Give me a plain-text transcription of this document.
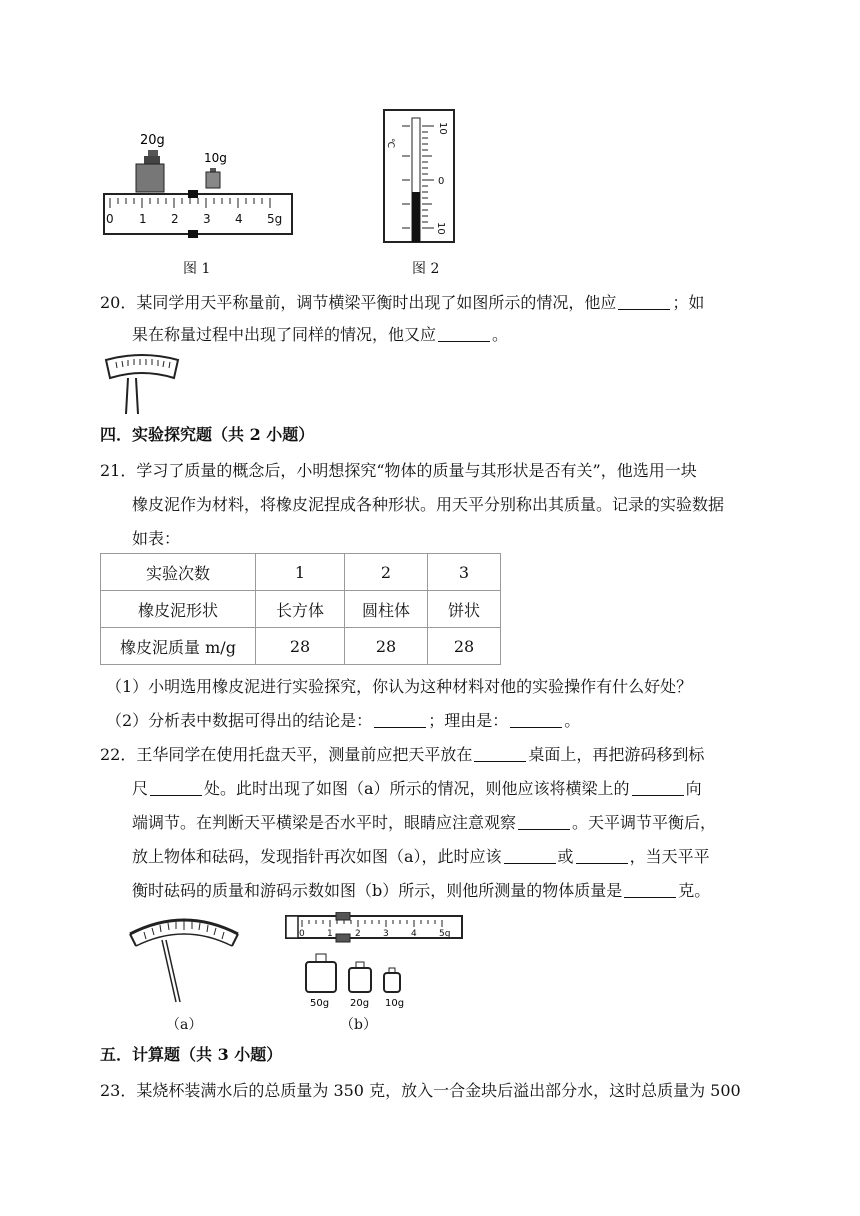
20g
10g
0 1 2 3 4 5g
图 1
10
0
10
℃
图 2
20．某同学用天平称量前，调节横梁平衡时出现了如图所示的情况，他应	；如
果在称量过程中出现了同样的情况，他又应	。
四．实验探究题（共 2 小题）
21．学习了质量的概念后，小明想探究“物体的质量与其形状是否有关”，他选用一块
橡皮泥作为材料，将橡皮泥捏成各种形状。用天平分别称出其质量。记录的实验数据
如表：
实验次数	1	2	3
橡皮泥形状	长方体	圆柱体	饼状
橡皮泥质量 m/g	28	28	28
（1）小明选用橡皮泥进行实验探究，你认为这种材料对他的实验操作有什么好处？
（2）分析表中数据可得出的结论是：	；理由是：	。
22．王华同学在使用托盘天平，测量前应把天平放在	桌面上，再把游码移到标
尺	处。此时出现了如图（a）所示的情况，则他应该将横梁上的	向
端调节。在判断天平横梁是否水平时，眼睛应注意观察	。天平调节平衡后，
放上物体和砝码，发现指针再次如图（a），此时应该	或	，当天平平
衡时砝码的质量和游码示数如图（b）所示，则他所测量的物体质量是	克。
（a）
0 1 2 3 4 5g
50g 20g 10g
（b）
五．计算题（共 3 小题）
23．某烧杯装满水后的总质量为 350 克，放入一合金块后溢出部分水，这时总质量为 500
